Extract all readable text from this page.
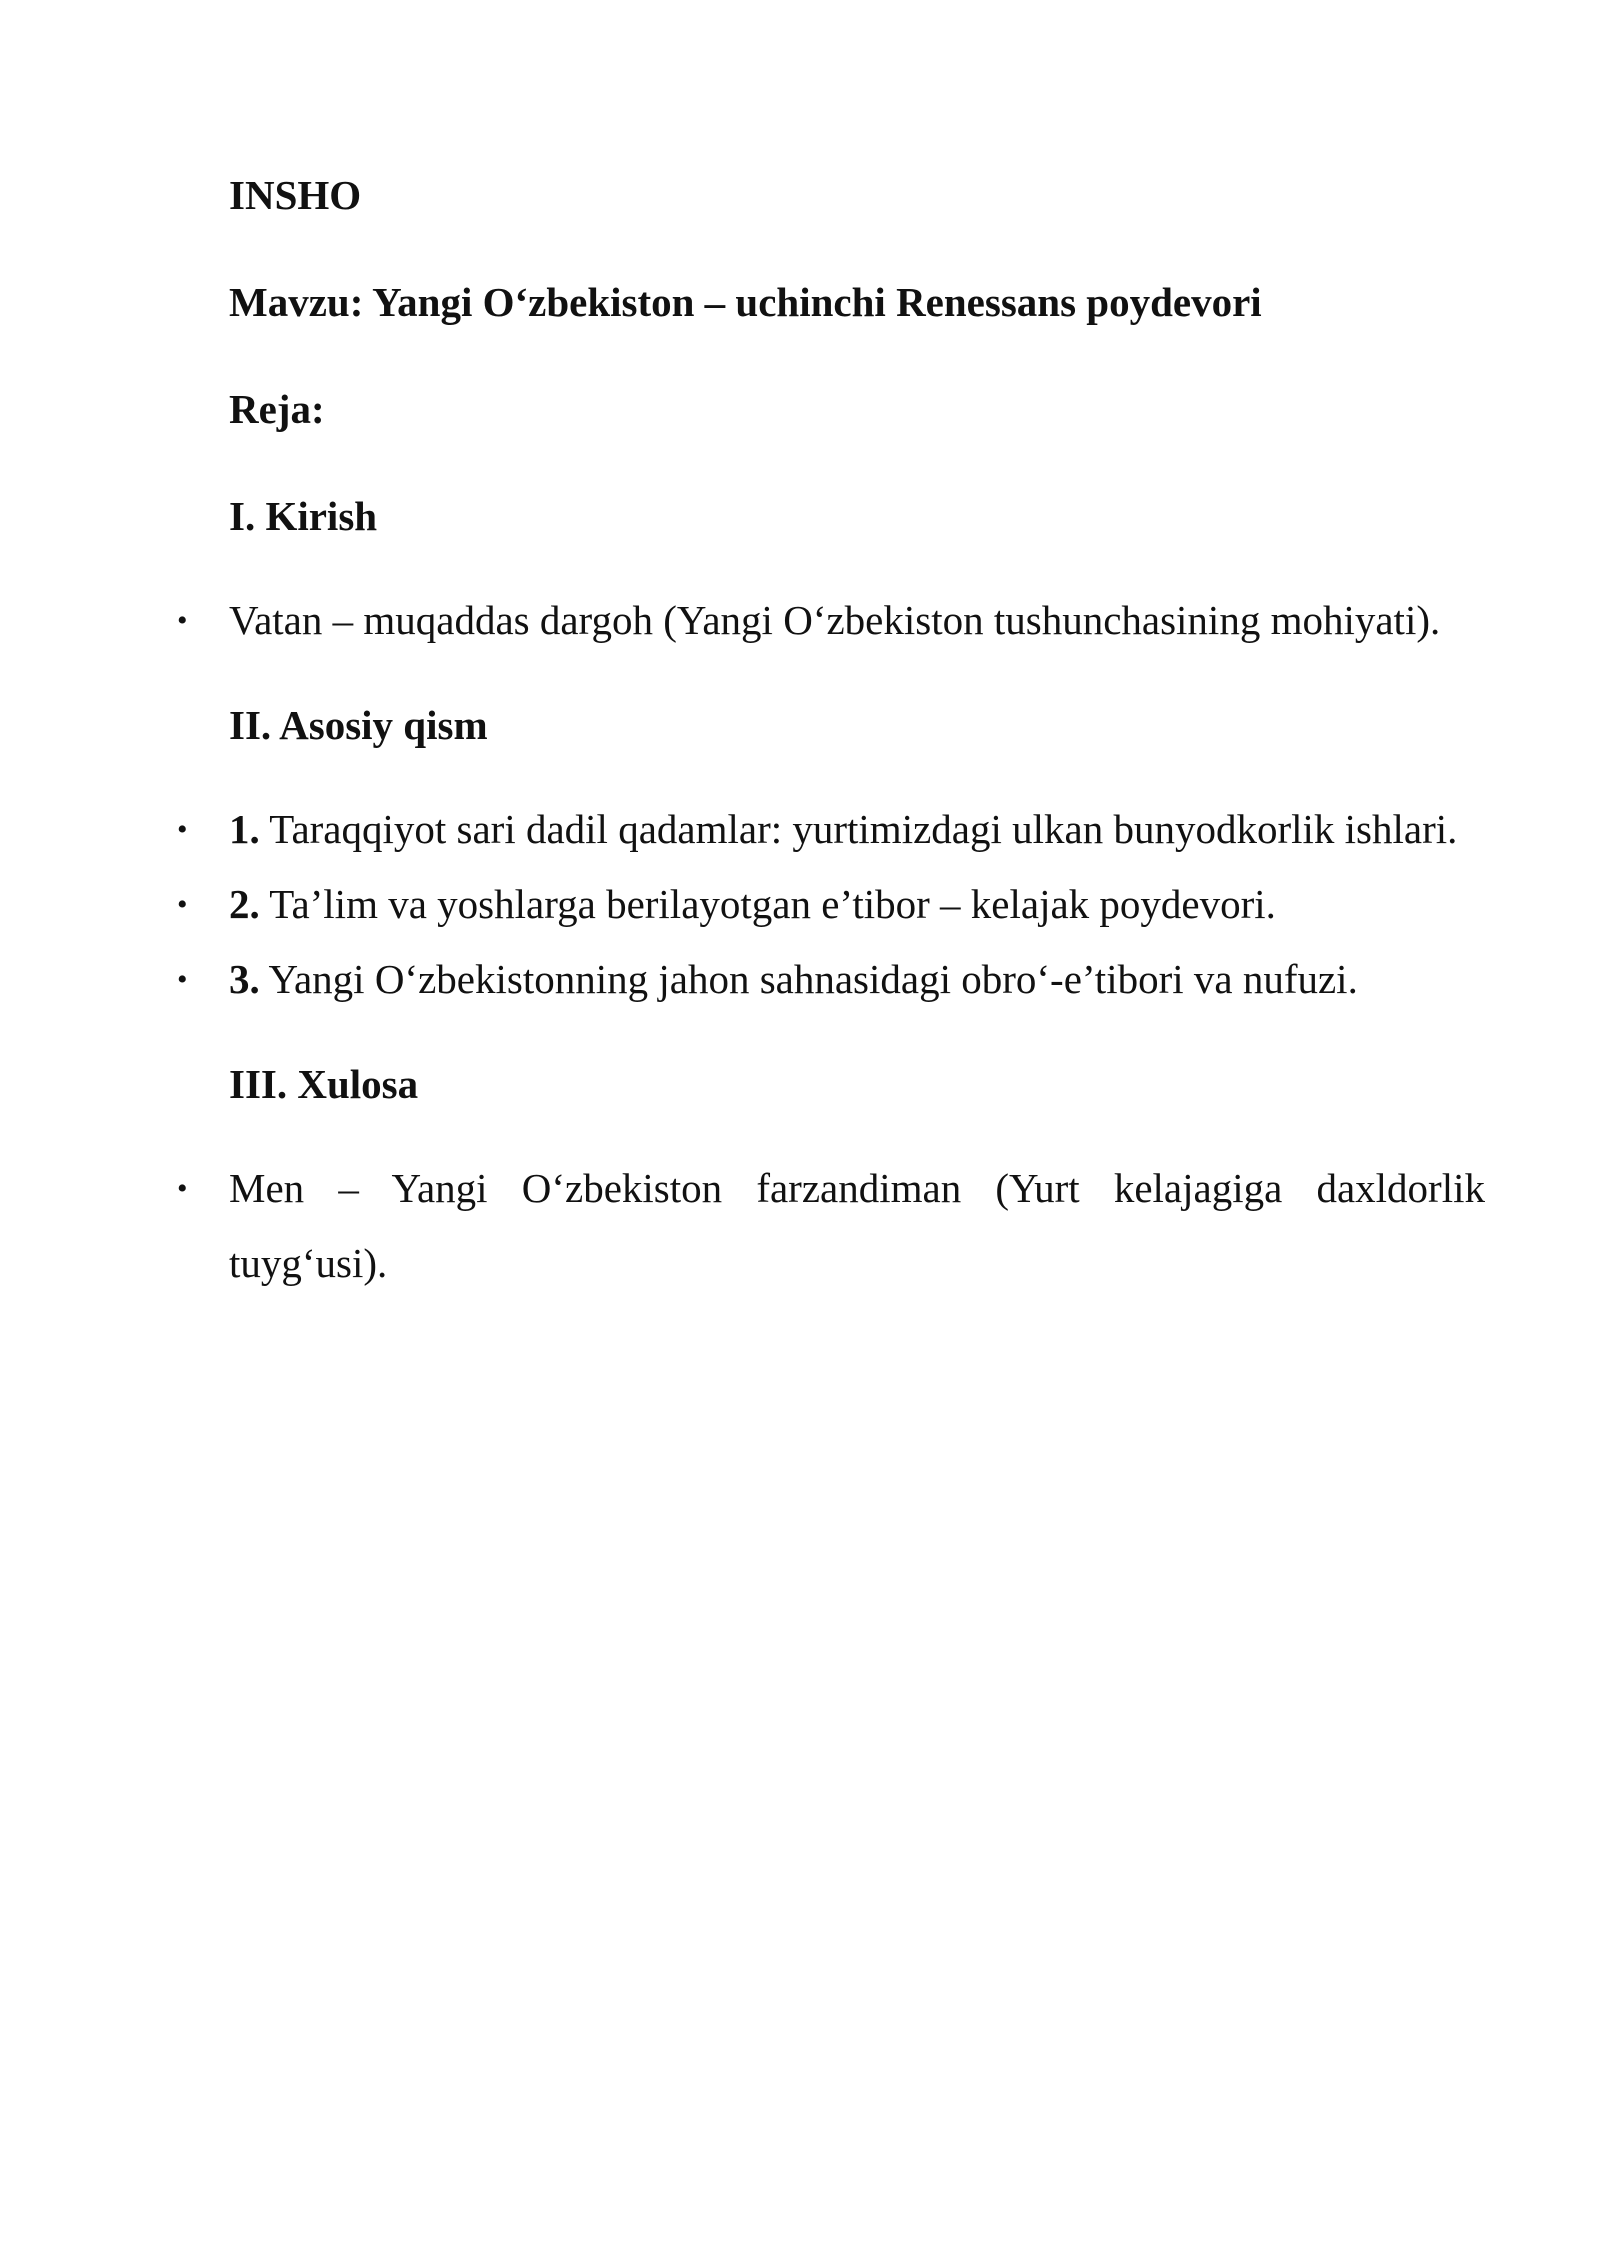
INSHO

Mavzu: Yangi O‘zbekiston – uchinchi Renessans poydevori

Reja:

I. Kirish

• Vatan – muqaddas dargoh (Yangi O‘zbekiston tushunchasining mohiyati).

II. Asosiy qism

• 1. Taraqqiyot sari dadil qadamlar: yurtimizdagi ulkan bunyodkorlik ishlari.
• 2. Ta’lim va yoshlarga berilayotgan e’tibor – kelajak poydevori.
• 3. Yangi O‘zbekistonning jahon sahnasidagi obro‘-e’tibori va nufuzi.

III. Xulosa

• Men – Yangi O‘zbekiston farzandiman (Yurt kelajagiga daxldorlik tuyg‘usi).
